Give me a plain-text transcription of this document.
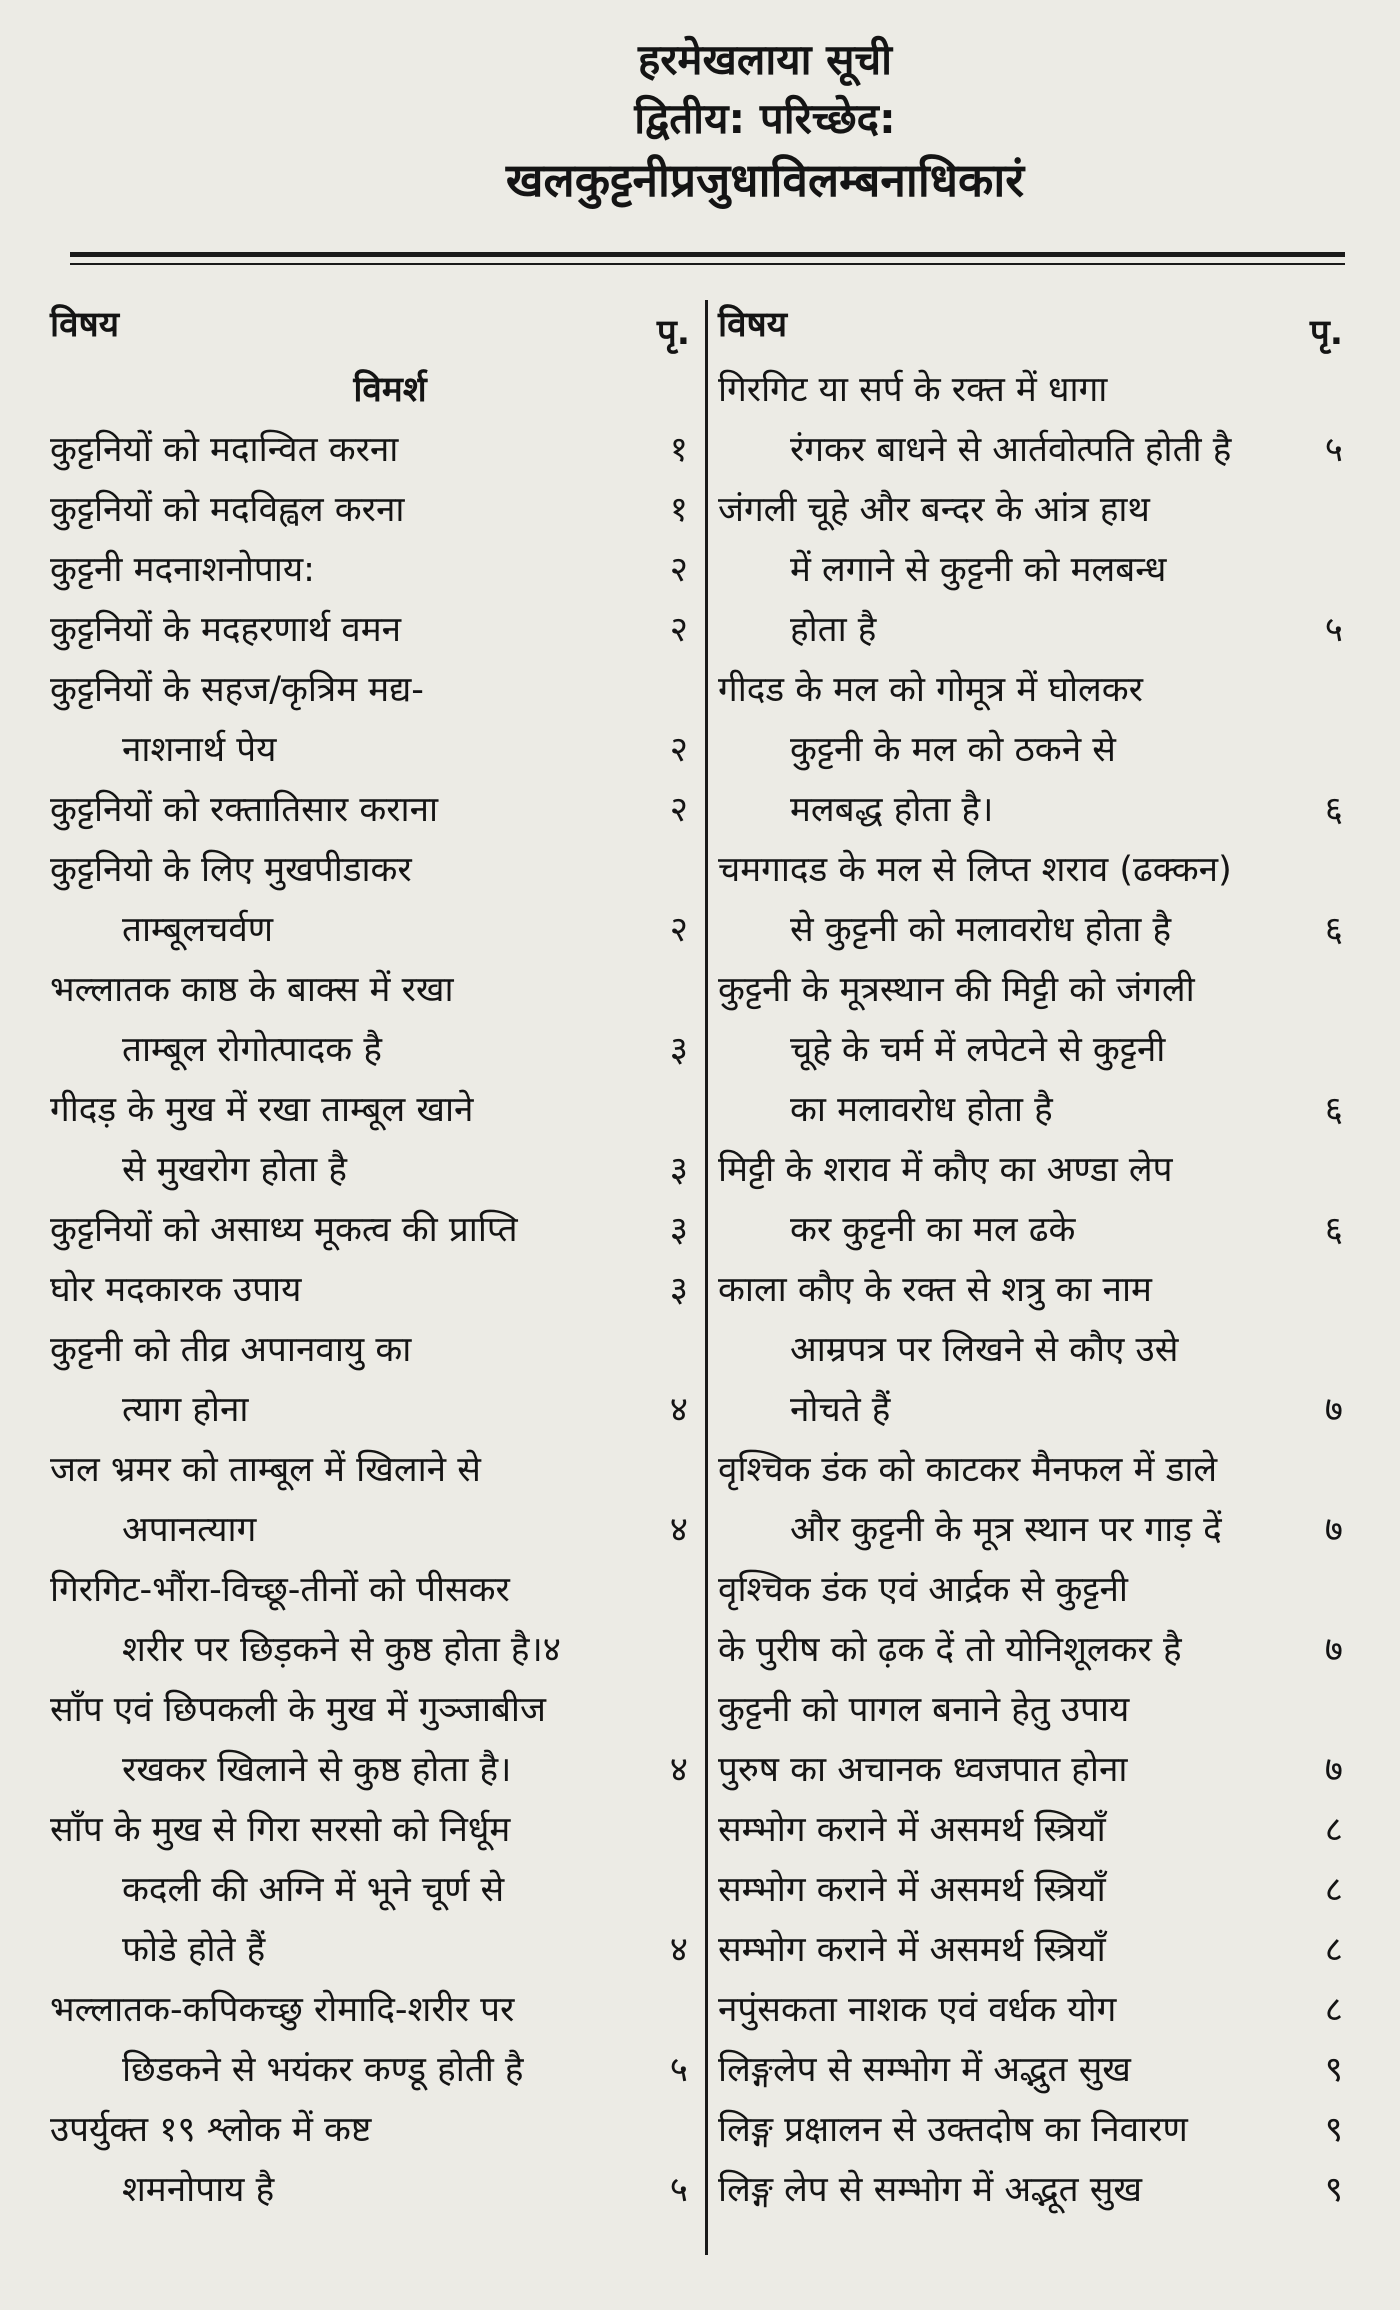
हरमेखलाया सूची
द्वितीय: परिच्छेद:
खलकुट्टनीप्रजुधाविलम्बनाधिकारं
विषय	पृ.
विमर्श
कुट्टनियों को मदान्वित करना	१
कुट्टनियों को मदविह्वल करना	१
कुट्टनी मदनाशनोपाय:	२
कुट्टनियों के मदहरणार्थ वमन	२
कुट्टनियों के सहज/कृत्रिम मद्य-
नाशनार्थ पेय	२
कुट्टनियों को रक्तातिसार कराना	२
कुट्टनियो के लिए मुखपीडाकर
ताम्बूलचर्वण	२
भल्लातक काष्ठ के बाक्स में रखा
ताम्बूल रोगोत्पादक है	३
गीदड़ के मुख में रखा ताम्बूल खाने
से मुखरोग होता है	३
कुट्टनियों को असाध्य मूकत्व की प्राप्ति	३
घोर मदकारक उपाय	३
कुट्टनी को तीव्र अपानवायु का
त्याग होना	४
जल भ्रमर को ताम्बूल में खिलाने से
अपानत्याग	४
गिरगिट-भौंरा-विच्छू-तीनों को पीसकर
शरीर पर छिड़कने से कुष्ठ होता है।४
साँप एवं छिपकली के मुख में गुञ्जाबीज
रखकर खिलाने से कुष्ठ होता है।	४
साँप के मुख से गिरा सरसो को निर्धूम
कदली की अग्नि में भूने चूर्ण से
फोडे होते हैं	४
भल्लातक-कपिकच्छु रोमादि-शरीर पर
छिडकने से भयंकर कण्डू होती है	५
उपर्युक्त १९ श्लोक में कष्ट
शमनोपाय है	५
विषय	पृ.
गिरगिट या सर्प के रक्त में धागा
रंगकर बाधने से आर्तवोत्पति होती है	५
जंगली चूहे और बन्दर के आंत्र हाथ
में लगाने से कुट्टनी को मलबन्ध
होता है	५
गीदड के मल को गोमूत्र में घोलकर
कुट्टनी के मल को ठकने से
मलबद्ध होता है।	६
चमगादड के मल से लिप्त शराव (ढक्कन)
से कुट्टनी को मलावरोध होता है	६
कुट्टनी के मूत्रस्थान की मिट्टी को जंगली
चूहे के चर्म में लपेटने से कुट्टनी
का मलावरोध होता है	६
मिट्टी के शराव में कौए का अण्डा लेप
कर कुट्टनी का मल ढके	६
काला कौए के रक्त से शत्रु का नाम
आम्रपत्र पर लिखने से कौए उसे
नोचते हैं	७
वृश्चिक डंक को काटकर मैनफल में डाले
और कुट्टनी के मूत्र स्थान पर गाड़ दें	७
वृश्चिक डंक एवं आर्द्रक से कुट्टनी
के पुरीष को ढ़क दें तो योनिशूलकर है	७
कुट्टनी को पागल बनाने हेतु उपाय
पुरुष का अचानक ध्वजपात होना	७
सम्भोग कराने में असमर्थ स्त्रियाँ	८
सम्भोग कराने में असमर्थ स्त्रियाँ	८
सम्भोग कराने में असमर्थ स्त्रियाँ	८
नपुंसकता नाशक एवं वर्धक योग	८
लिङ्गलेप से सम्भोग में अद्भुत सुख	९
लिङ्ग प्रक्षालन से उक्तदोष का निवारण	९
लिङ्ग लेप से सम्भोग में अद्भूत सुख	९
